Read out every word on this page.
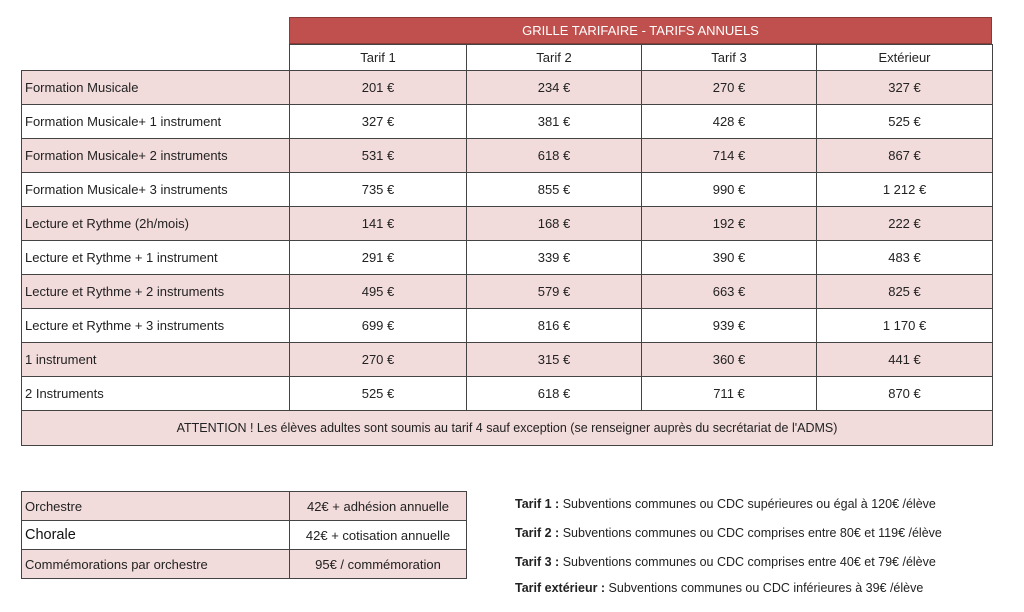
GRILLE TARIFAIRE - TARIFS ANNUELS
	Tarif 1	Tarif 2	Tarif 3	Extérieur
Formation Musicale	201 €	234 €	270 €	327 €
Formation Musicale+ 1 instrument	327 €	381 €	428 €	525 €
Formation Musicale+ 2 instruments	531 €	618 €	714 €	867 €
Formation Musicale+ 3 instruments	735 €	855 €	990 €	1 212 €
Lecture et Rythme (2h/mois)	141 €	168 €	192 €	222 €
Lecture et Rythme + 1 instrument	291 €	339 €	390 €	483 €
Lecture et Rythme + 2 instruments	495 €	579 €	663 €	825 €
Lecture et Rythme + 3 instruments	699 €	816 €	939 €	1 170 €
1 instrument	270 €	315 €	360 €	441 €
2 Instruments	525 €	618 €	711 €	870 €
ATTENTION ! Les élèves adultes sont soumis au tarif 4 sauf exception (se renseigner auprès du secrétariat de l'ADMS)				
Orchestre	42€ + adhésion annuelle
Chorale	42€ + cotisation annuelle
Commémorations par orchestre	95€ / commémoration
Tarif 1 : Subventions communes ou CDC supérieures ou égal à 120€ /élève
Tarif 2 : Subventions communes ou CDC comprises entre 80€ et 119€ /élève
Tarif 3 : Subventions communes ou CDC comprises entre 40€ et 79€ /élève
Tarif extérieur : Subventions communes ou CDC inférieures à 39€ /élève
